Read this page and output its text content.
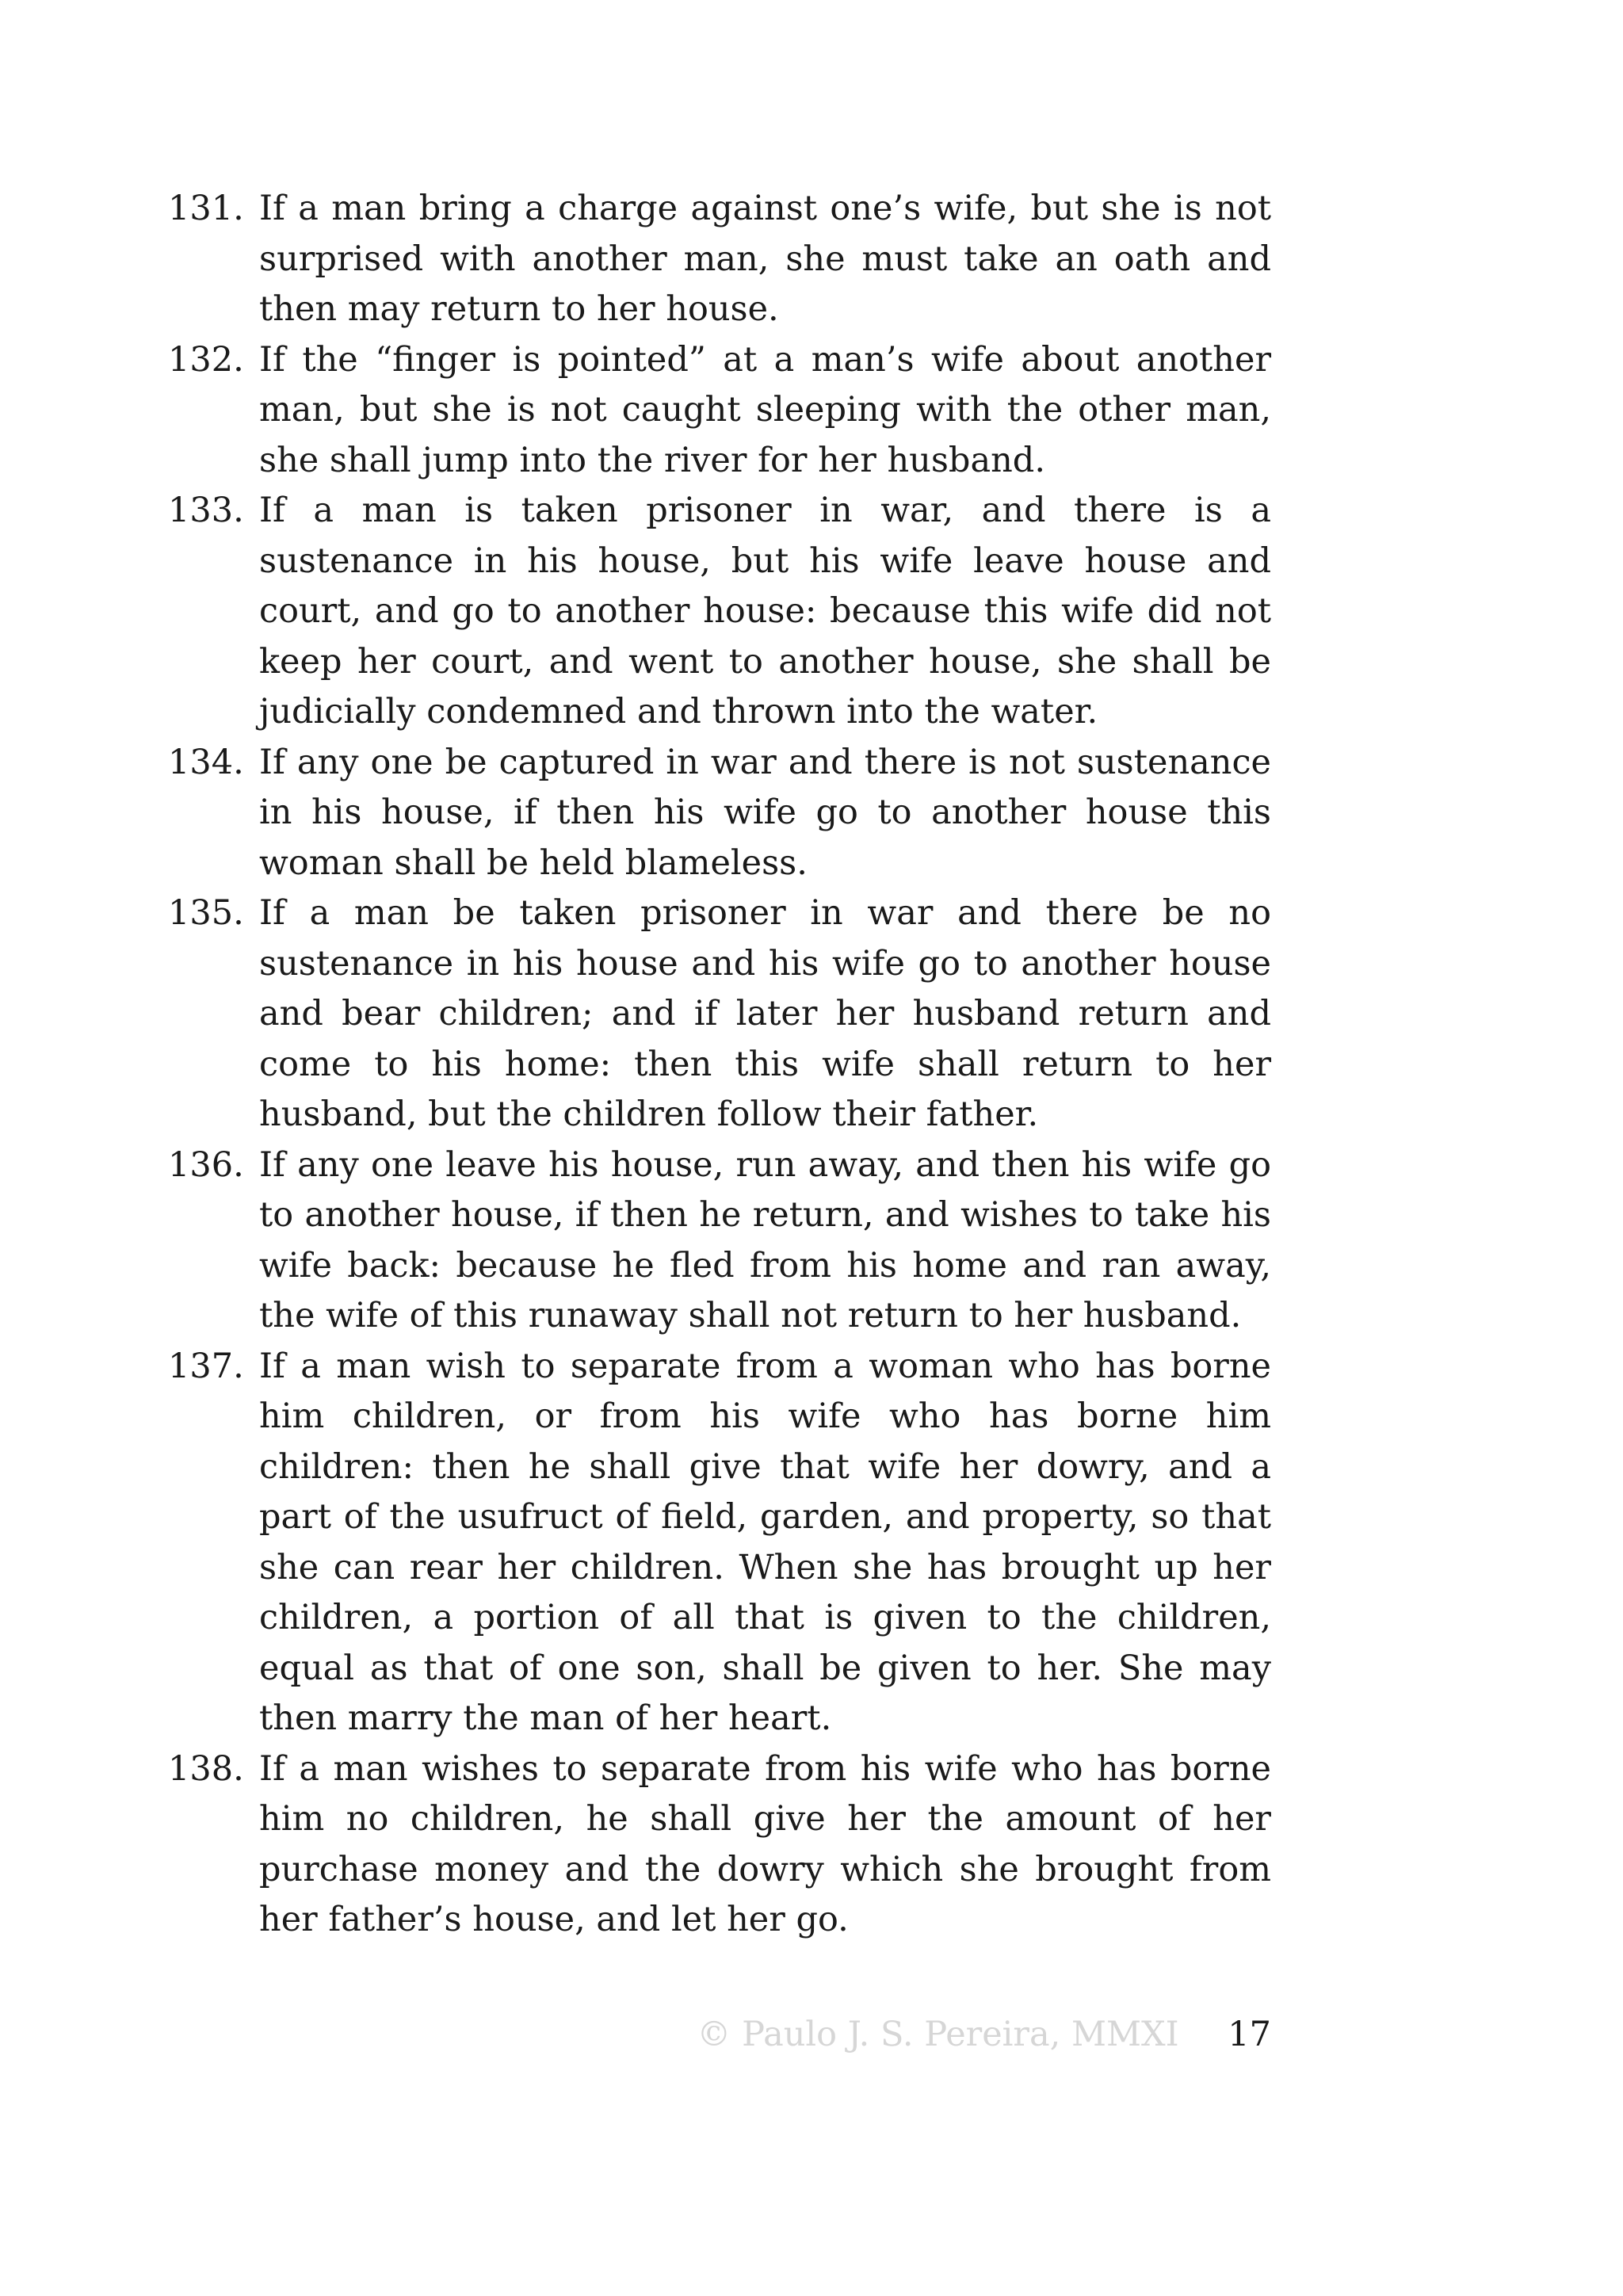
131. If a man bring a charge against one’s wife, but she is not surprised with another man, she must take an oath and then may return to her house.
132. If the “finger is pointed” at a man’s wife about another man, but she is not caught sleeping with the other man, she shall jump into the river for her husband.
133. If a man is taken prisoner in war, and there is a sustenance in his house, but his wife leave house and court, and go to another house: because this wife did not keep her court, and went to another house, she shall be judicially condemned and thrown into the water.
134. If any one be captured in war and there is not sustenance in his house, if then his wife go to another house this woman shall be held blameless.
135. If a man be taken prisoner in war and there be no sustenance in his house and his wife go to another house and bear children; and if later her husband return and come to his home: then this wife shall return to her husband, but the children follow their father.
136. If any one leave his house, run away, and then his wife go to another house, if then he return, and wishes to take his wife back: because he fled from his home and ran away, the wife of this runaway shall not return to her husband.
137. If a man wish to separate from a woman who has borne him children, or from his wife who has borne him children: then he shall give that wife her dowry, and a part of the usufruct of field, garden, and property, so that she can rear her children. When she has brought up her children, a portion of all that is given to the children, equal as that of one son, shall be given to her. She may then marry the man of her heart.
138. If a man wishes to separate from his wife who has borne him no children, he shall give her the amount of her purchase money and the dowry which she brought from her father’s house, and let her go.
© Paulo J. S. Pereira, MMXI 17
